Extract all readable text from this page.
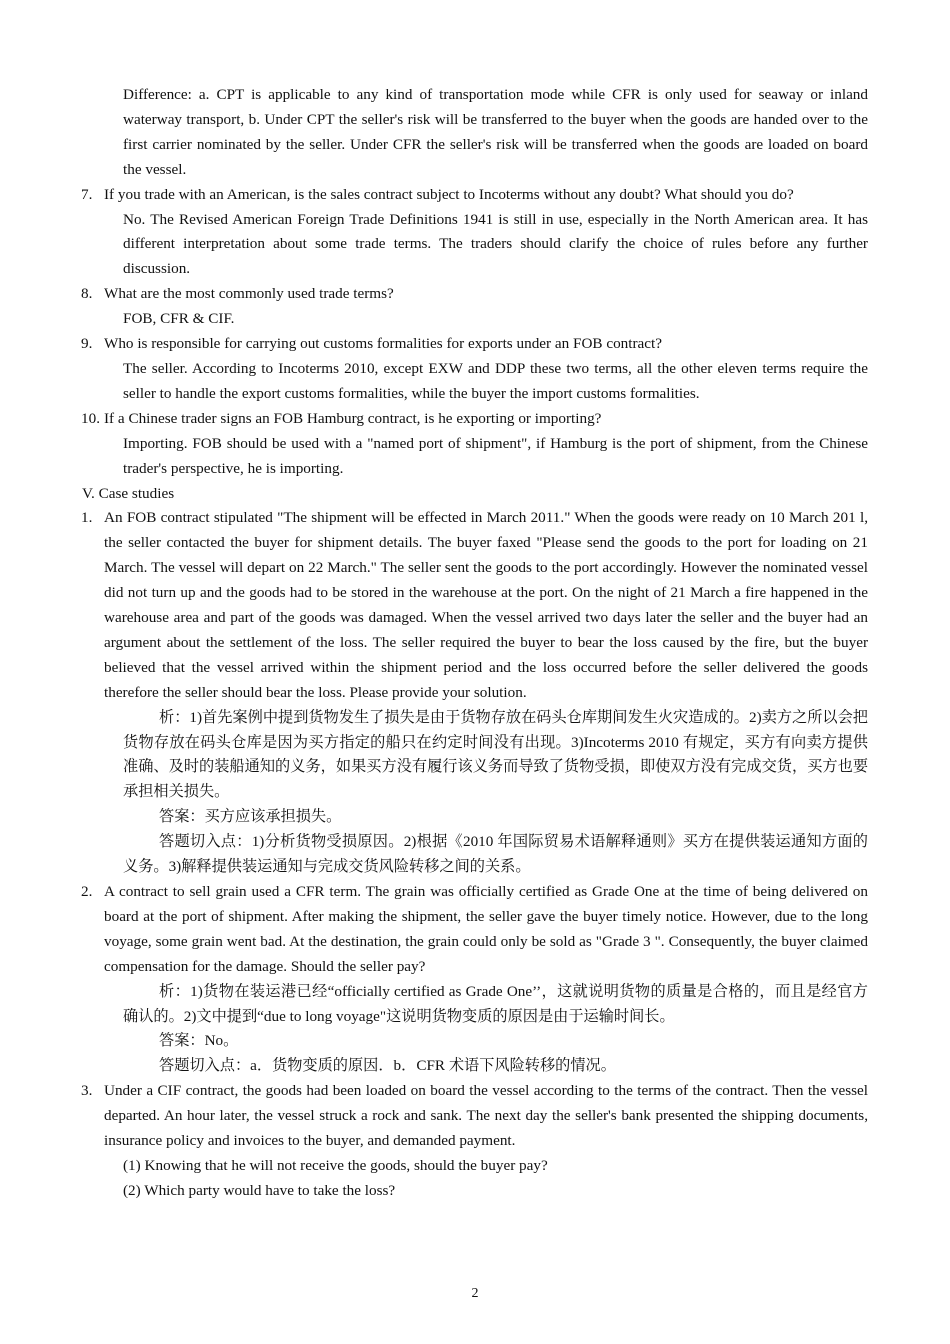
Difference: a. CPT is applicable to any kind of transportation mode while CFR is only used for seaway or inland waterway transport, b. Under CPT the seller's risk will be transferred to the buyer when the goods are handed over to the first carrier nominated by the seller. Under CFR the seller's risk will be transferred when the goods are loaded on board the vessel.

7. If you trade with an American, is the sales contract subject to Incoterms without any doubt? What should you do?

No. The Revised American Foreign Trade Definitions 1941 is still in use, especially in the North American area. It has different interpretation about some trade terms. The traders should clarify the choice of rules before any further discussion.

8. What are the most commonly used trade terms?

FOB, CFR & CIF.

9. Who is responsible for carrying out customs formalities for exports under an FOB contract?

The seller. According to Incoterms 2010, except EXW and DDP these two terms, all the other eleven terms require the seller to handle the export customs formalities, while the buyer the import customs formalities.

10. If a Chinese trader signs an FOB Hamburg contract, is he exporting or importing?

Importing. FOB should be used with a "named port of shipment", if Hamburg is the port of shipment, from the Chinese trader's perspective, he is importing.

V. Case studies

1. An FOB contract stipulated "The shipment will be effected in March 2011." When the goods were ready on 10 March 201 l, the seller contacted the buyer for shipment details. The buyer faxed "Please send the goods to the port for loading on 21 March. The vessel will depart on 22 March." The seller sent the goods to the port accordingly. However the nominated vessel did not turn up and the goods had to be stored in the warehouse at the port. On the night of 21 March a fire happened in the warehouse area and part of the goods was damaged. When the vessel arrived two days later the seller and the buyer had an argument about the settlement of the loss. The seller required the buyer to bear the loss caused by the fire, but the buyer believed that the vessel arrived within the shipment period and the loss occurred before the seller delivered the goods therefore the seller should bear the loss. Please provide your solution.

析：1)首先案例中提到货物发生了损失是由于货物存放在码头仓库期间发生火灾造成的。2)卖方之所以会把货物存放在码头仓库是因为买方指定的船只在约定时间没有出现。3)Incoterms 2010 有规定，买方有向卖方提供准确、及时的装船通知的义务，如果买方没有履行该义务而导致了货物受损，即使双方没有完成交货，买方也要承担相关损失。

答案：买方应该承担损失。

答题切入点：1)分析货物受损原因。2)根据《2010 年国际贸易术语解释通则》买方在提供装运通知方面的义务。3)解释提供装运通知与完成交货风险转移之间的关系。

2. A contract to sell grain used a CFR term. The grain was officially certified as Grade One at the time of being delivered on board at the port of shipment. After making the shipment, the seller gave the buyer timely notice. However, due to the long voyage, some grain went bad. At the destination, the grain could only be sold as "Grade 3 ". Consequently, the buyer claimed compensation for the damage. Should the seller pay?

析：1)货物在装运港已经“officially certified as Grade One’’，这就说明货物的质量是合格的，而且是经官方确认的。2)文中提到“due to long voyage"这说明货物变质的原因是由于运输时间长。

答案：No。

答题切入点：a．货物变质的原因．b．CFR 术语下风险转移的情况。

3. Under a CIF contract, the goods had been loaded on board the vessel according to the terms of the contract. Then the vessel departed. An hour later, the vessel struck a rock and sank. The next day the seller's bank presented the shipping documents, insurance policy and invoices to the buyer, and demanded payment.

(1) Knowing that he will not receive the goods, should the buyer pay?

(2) Which party would have to take the loss?

2
